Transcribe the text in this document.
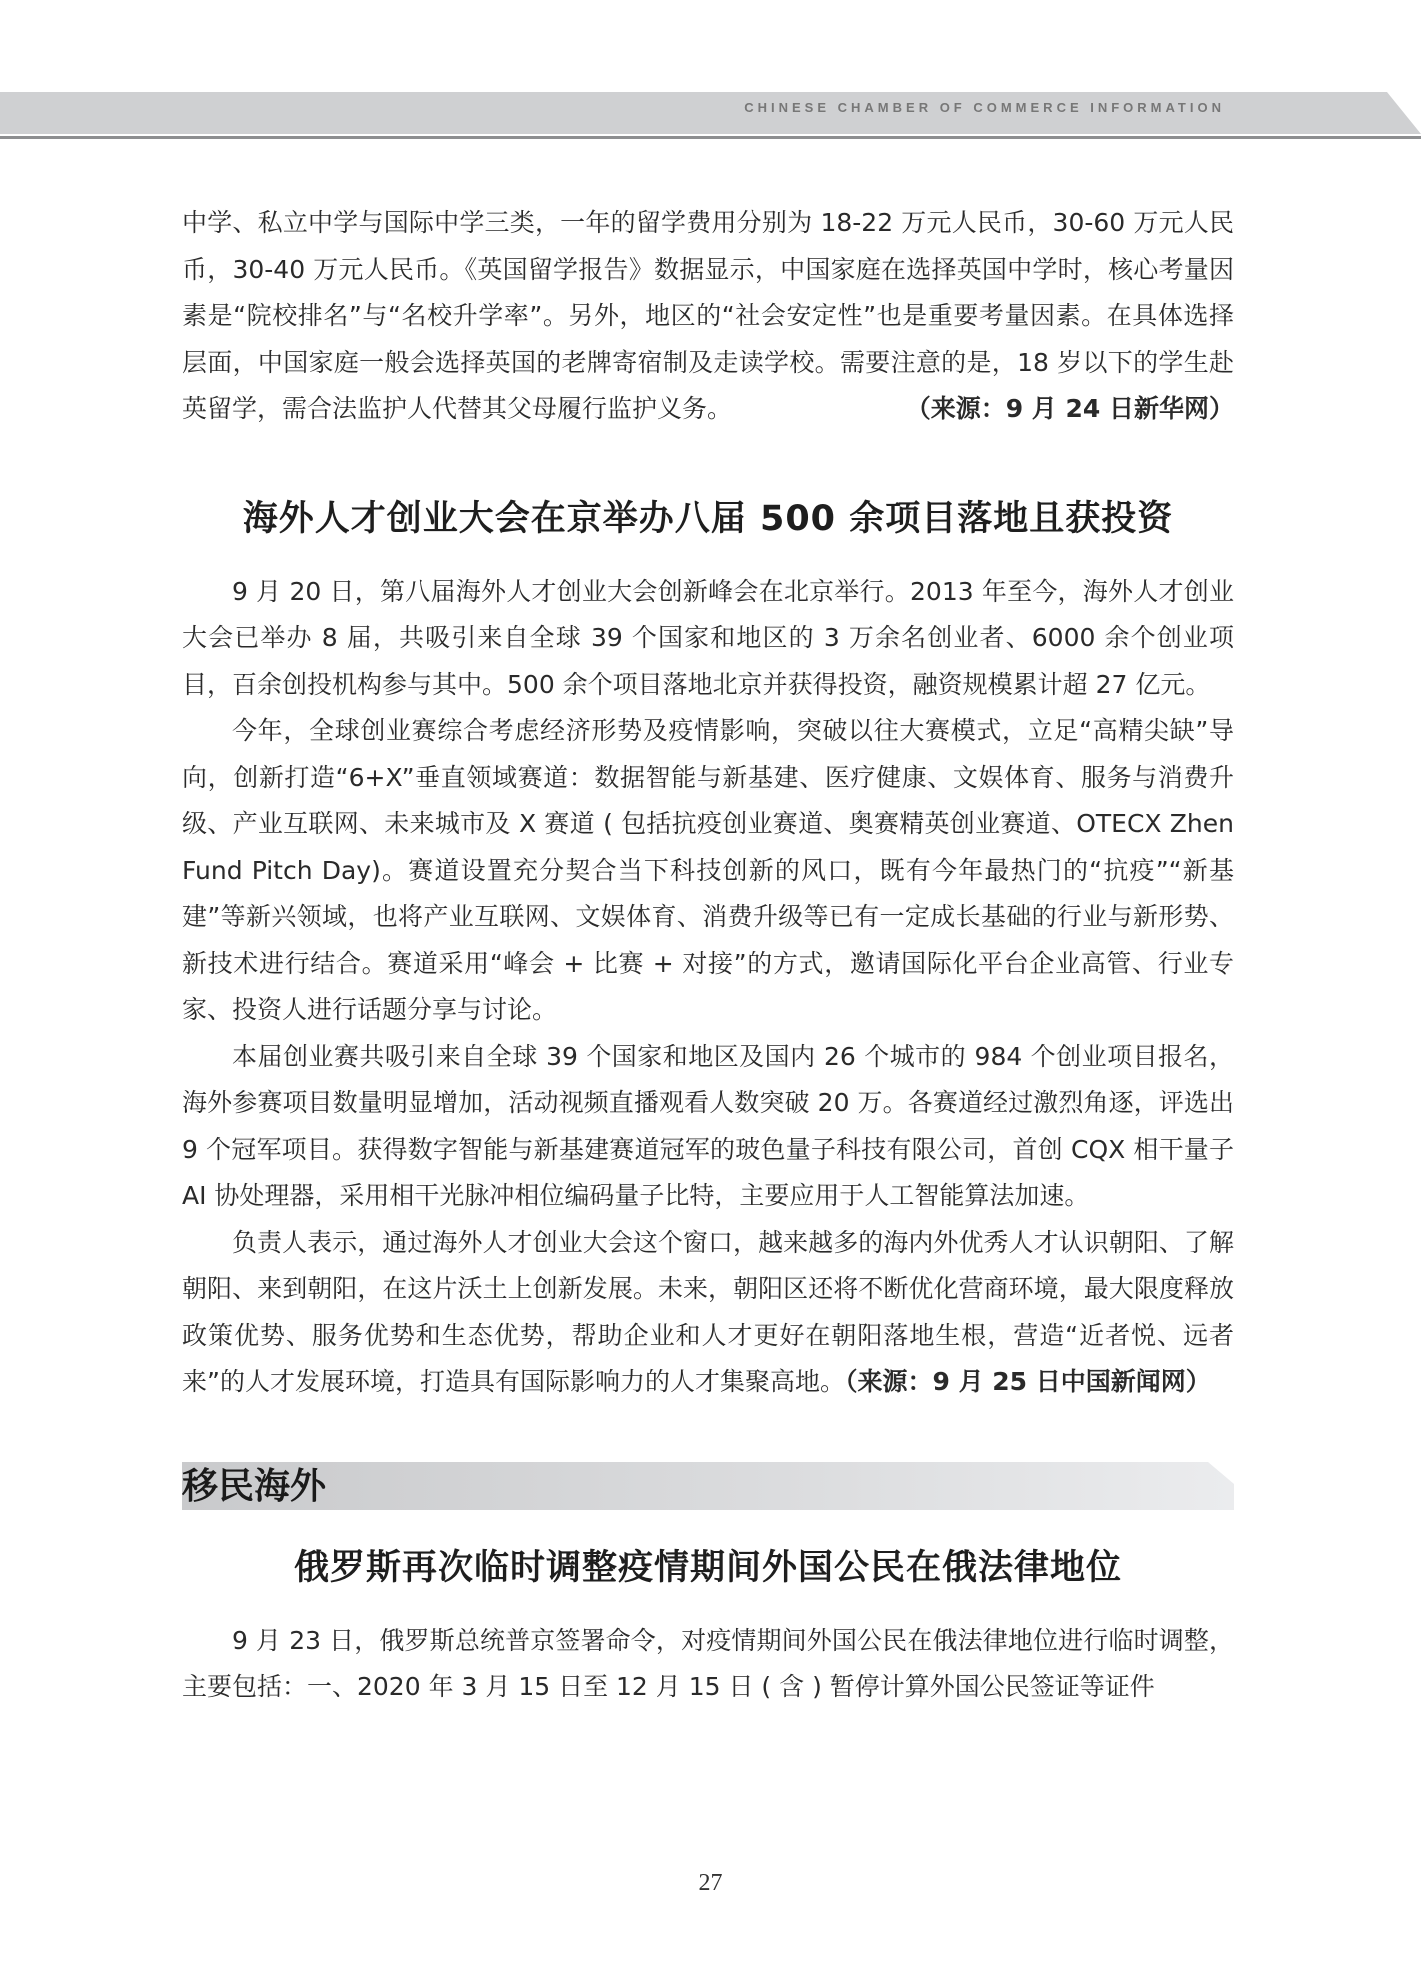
CHINESE CHAMBER OF COMMERCE INFORMATION

中学、私立中学与国际中学三类，一年的留学费用分别为 18-22 万元人民币，30-60 万元人民币，30-40 万元人民币。《英国留学报告》数据显示，中国家庭在选择英国中学时，核心考量因素是“院校排名”与“名校升学率”。另外，地区的“社会安定性”也是重要考量因素。在具体选择层面，中国家庭一般会选择英国的老牌寄宿制及走读学校。需要注意的是，18 岁以下的学生赴英留学，需合法监护人代替其父母履行监护义务。	（来源：9 月 24 日新华网）

海外人才创业大会在京举办八届 500 余项目落地且获投资

9 月 20 日，第八届海外人才创业大会创新峰会在北京举行。2013 年至今，海外人才创业大会已举办 8 届，共吸引来自全球 39 个国家和地区的 3 万余名创业者、6000 余个创业项目，百余创投机构参与其中。500 余个项目落地北京并获得投资，融资规模累计超 27 亿元。

今年，全球创业赛综合考虑经济形势及疫情影响，突破以往大赛模式，立足“高精尖缺”导向，创新打造“6+X”垂直领域赛道：数据智能与新基建、医疗健康、文娱体育、服务与消费升级、产业互联网、未来城市及 X 赛道 ( 包括抗疫创业赛道、奥赛精英创业赛道、OTECX Zhen Fund Pitch Day)。赛道设置充分契合当下科技创新的风口，既有今年最热门的“抗疫”“新基建”等新兴领域，也将产业互联网、文娱体育、消费升级等已有一定成长基础的行业与新形势、新技术进行结合。赛道采用“峰会 + 比赛 + 对接”的方式，邀请国际化平台企业高管、行业专家、投资人进行话题分享与讨论。

本届创业赛共吸引来自全球 39 个国家和地区及国内 26 个城市的 984 个创业项目报名，海外参赛项目数量明显增加，活动视频直播观看人数突破 20 万。各赛道经过激烈角逐，评选出 9 个冠军项目。获得数字智能与新基建赛道冠军的玻色量子科技有限公司，首创 CQX 相干量子 AI 协处理器，采用相干光脉冲相位编码量子比特，主要应用于人工智能算法加速。

负责人表示，通过海外人才创业大会这个窗口，越来越多的海内外优秀人才认识朝阳、了解朝阳、来到朝阳，在这片沃土上创新发展。未来，朝阳区还将不断优化营商环境，最大限度释放政策优势、服务优势和生态优势，帮助企业和人才更好在朝阳落地生根，营造“近者悦、远者来”的人才发展环境，打造具有国际影响力的人才集聚高地。（来源：9 月 25 日中国新闻网）

移民海外
俄罗斯再次临时调整疫情期间外国公民在俄法律地位

9 月 23 日，俄罗斯总统普京签署命令，对疫情期间外国公民在俄法律地位进行临时调整，主要包括：一、2020 年 3 月 15 日至 12 月 15 日 ( 含 ) 暂停计算外国公民签证等证件

27
